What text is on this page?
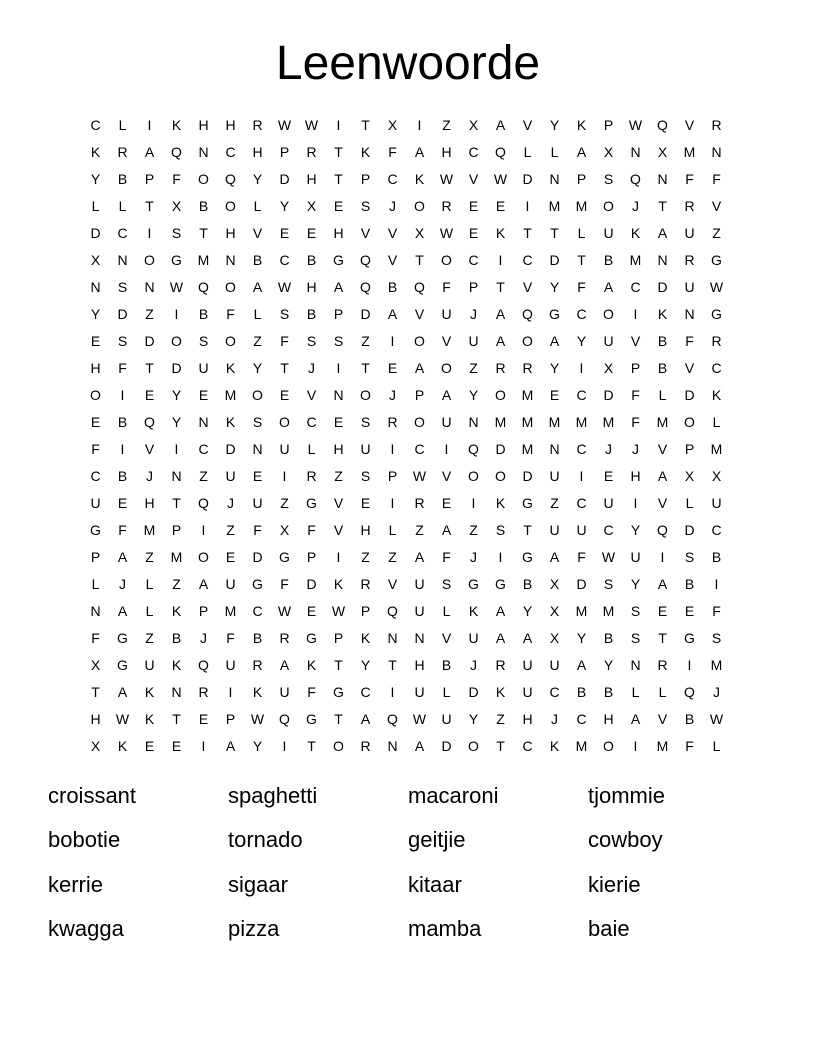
Leenwoorde
C	L	I	K	H	H	R	W W	I	T	X	I	Z	X	A	V	Y	K	P	W	Q	V	R
K	R	A	Q	N	C	H	P	R	T	K	F	A	H	C	Q	L	L	A	X	N	X	M	N
Y	B	P	F	O	Q	Y	D	H	T	P	C	K	W	V	W	D	N	P	S	Q	N	F	F
L	L	T	X	B	O	L	Y	X	E	S	J	O	R	E	E	I	M	M	O	J	T	R	V
D	C	I	S	T	H	V	E	E	H	V	V	X	W	E	K	T	T	L	U	K	A	U	Z
X	N	O	G	M	N	B	C	B	G	Q	V	T	O	C	I	C	D	T	B	M	N	R	G
N	S	N	W	Q	O	A	W	H	A	Q	B	Q	F	P	T	V	Y	F	A	C	D	U	W
Y	D	Z	I	B	F	L	S	B	P	D	A	V	U	J	A	Q	G	C	O	I	K	N	G
E	S	D	O	S	O	Z	F	S	S	Z	I	O	V	U	A	O	A	Y	U	V	B	F	R
H	F	T	D	U	K	Y	T	J	I	T	E	A	O	Z	R	R	Y	I	X	P	B	V	C
O	I	E	Y	E	M	O	E	V	N	O	J	P	A	Y	O	M	E	C	D	F	L	D	K
E	B	Q	Y	N	K	S	O	C	E	S	R	O	U	N	M	M	M	M	M	F	M	O	L
F	I	V	I	C	D	N	U	L	H	U	I	C	I	Q	D	M	N	C	J	J	V	P	M
C	B	J	N	Z	U	E	I	R	Z	S	P	W	V	O	O	D	U	I	E	H	A	X	X
U	E	H	T	Q	J	U	Z	G	V	E	I	R	E	I	K	G	Z	C	U	I	V	L	U
G	F	M	P	I	Z	F	X	F	V	H	L	Z	A	Z	S	T	U	U	C	Y	Q	D	C
P	A	Z	M	O	E	D	G	P	I	Z	Z	A	F	J	I	G	A	F	W	U	I	S	B
L	J	L	Z	A	U	G	F	D	K	R	V	U	S	G	G	B	X	D	S	Y	A	B	I
N	A	L	K	P	M	C	W	E	W	P	Q	U	L	K	A	Y	X	M	M	S	E	E	F
F	G	Z	B	J	F	B	R	G	P	K	N	N	V	U	A	A	X	Y	B	S	T	G	S
X	G	U	K	Q	U	R	A	K	T	Y	T	H	B	J	R	U	U	A	Y	N	R	I	M
T	A	K	N	R	I	K	U	F	G	C	I	U	L	D	K	U	C	B	B	L	L	Q	J
H	W	K	T	E	P	W	Q	G	T	A	Q	W	U	Y	Z	H	J	C	H	A	V	B	W
X	K	E	E	I	A	Y	I	T	O	R	N	A	D	O	T	C	K	M	O	I	M	F	L
croissant	spaghetti	macaroni	tjommie
bobotie	tornado	geitjie	cowboy
kerrie	sigaar	kitaar	kierie
kwagga	pizza	mamba	baie
